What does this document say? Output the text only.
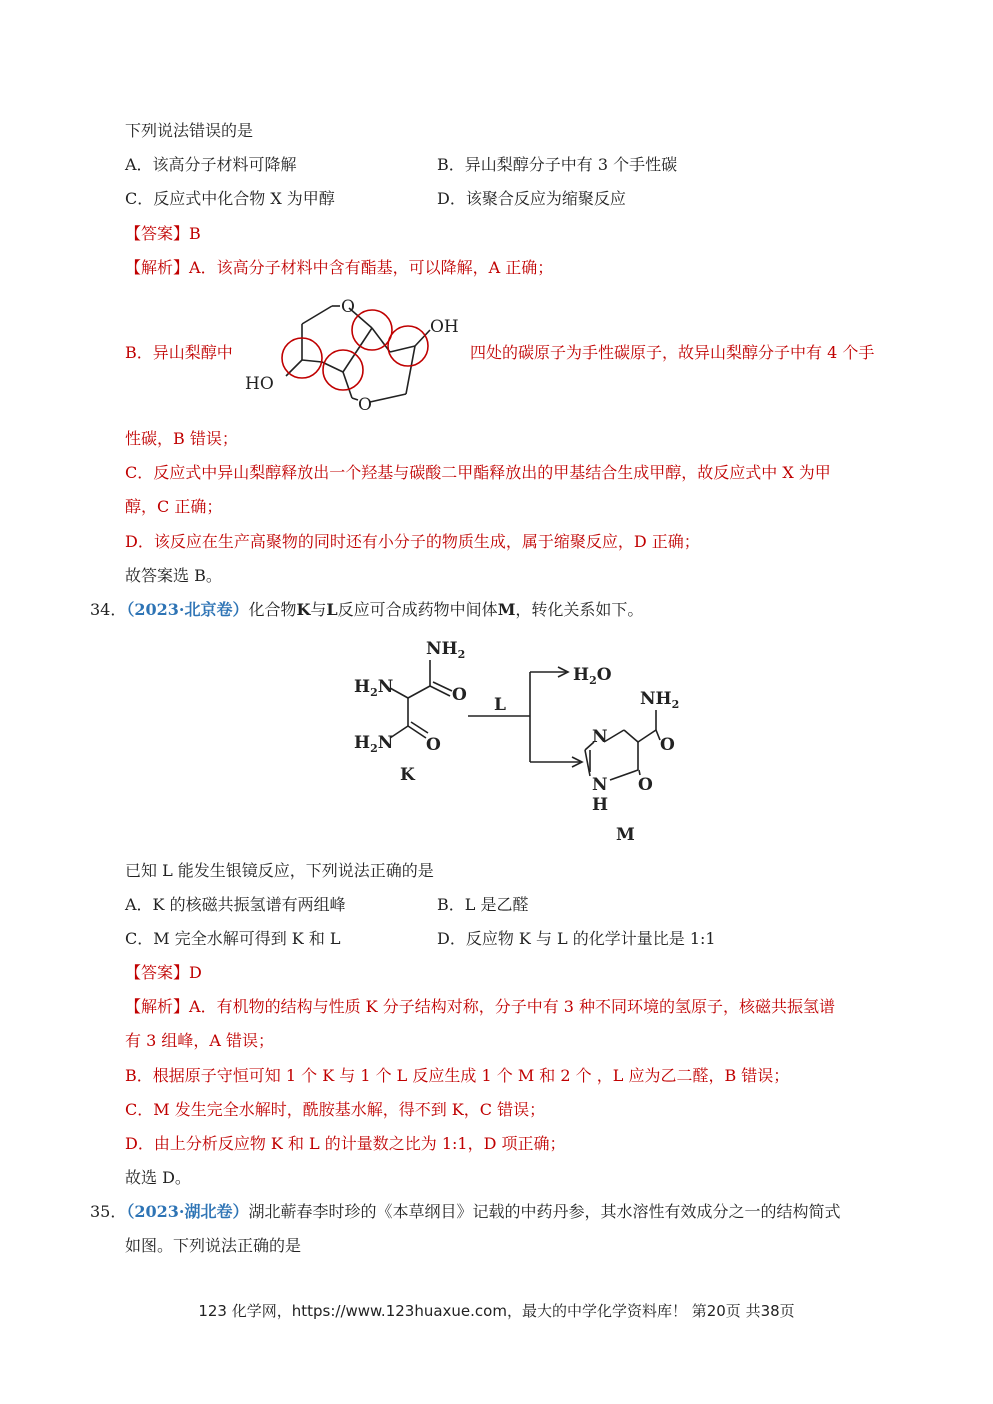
下列说法错误的是
A．该高分子材料可降解	B．异山梨醇分子中有 3 个手性碳
C．反应式中化合物 X 为甲醇	D．该聚合反应为缩聚反应
【答案】B
【解析】A．该高分子材料中含有酯基，可以降解，A 正确；
B．异山梨醇中
O
O
OH
HO
四处的碳原子为手性碳原子，故异山梨醇分子中有 4 个手
性碳，B 错误；
C．反应式中异山梨醇释放出一个羟基与碳酸二甲酯释放出的甲基结合生成甲醇，故反应式中 X 为甲
醇，C 正确；
D．该反应在生产高聚物的同时还有小分子的物质生成，属于缩聚反应，D 正确；
故答案选 B。
34．（2023·北京卷）化合物K与L反应可合成药物中间体M，转化关系如下。
$NH_2$
$H_2N$
$H_2N$
O
O
K
L
$H_2O$
$NH_2$
N	O
N
H
O
M
已知 L 能发生银镜反应，下列说法正确的是
A．K 的核磁共振氢谱有两组峰	B．L 是乙醛
C．M 完全水解可得到 K 和 L	D．反应物 K 与 L 的化学计量比是 1:1
【答案】D
【解析】A．有机物的结构与性质 K 分子结构对称，分子中有 3 种不同环境的氢原子，核磁共振氢谱
有 3 组峰，A 错误；
B．根据原子守恒可知 1 个 K 与 1 个 L 反应生成 1 个 M 和 2 个 ，L 应为乙二醛，B 错误；
C．M 发生完全水解时，酰胺基水解，得不到 K，C 错误；
D．由上分析反应物 K 和 L 的计量数之比为 1:1，D 项正确；
故选 D。
35．（2023·湖北卷）湖北蕲春李时珍的《本草纲目》记载的中药丹参，其水溶性有效成分之一的结构简式
如图。下列说法正确的是
123 化学网，https://www.123huaxue.com，最大的中学化学资料库！ 第20页 共38页
